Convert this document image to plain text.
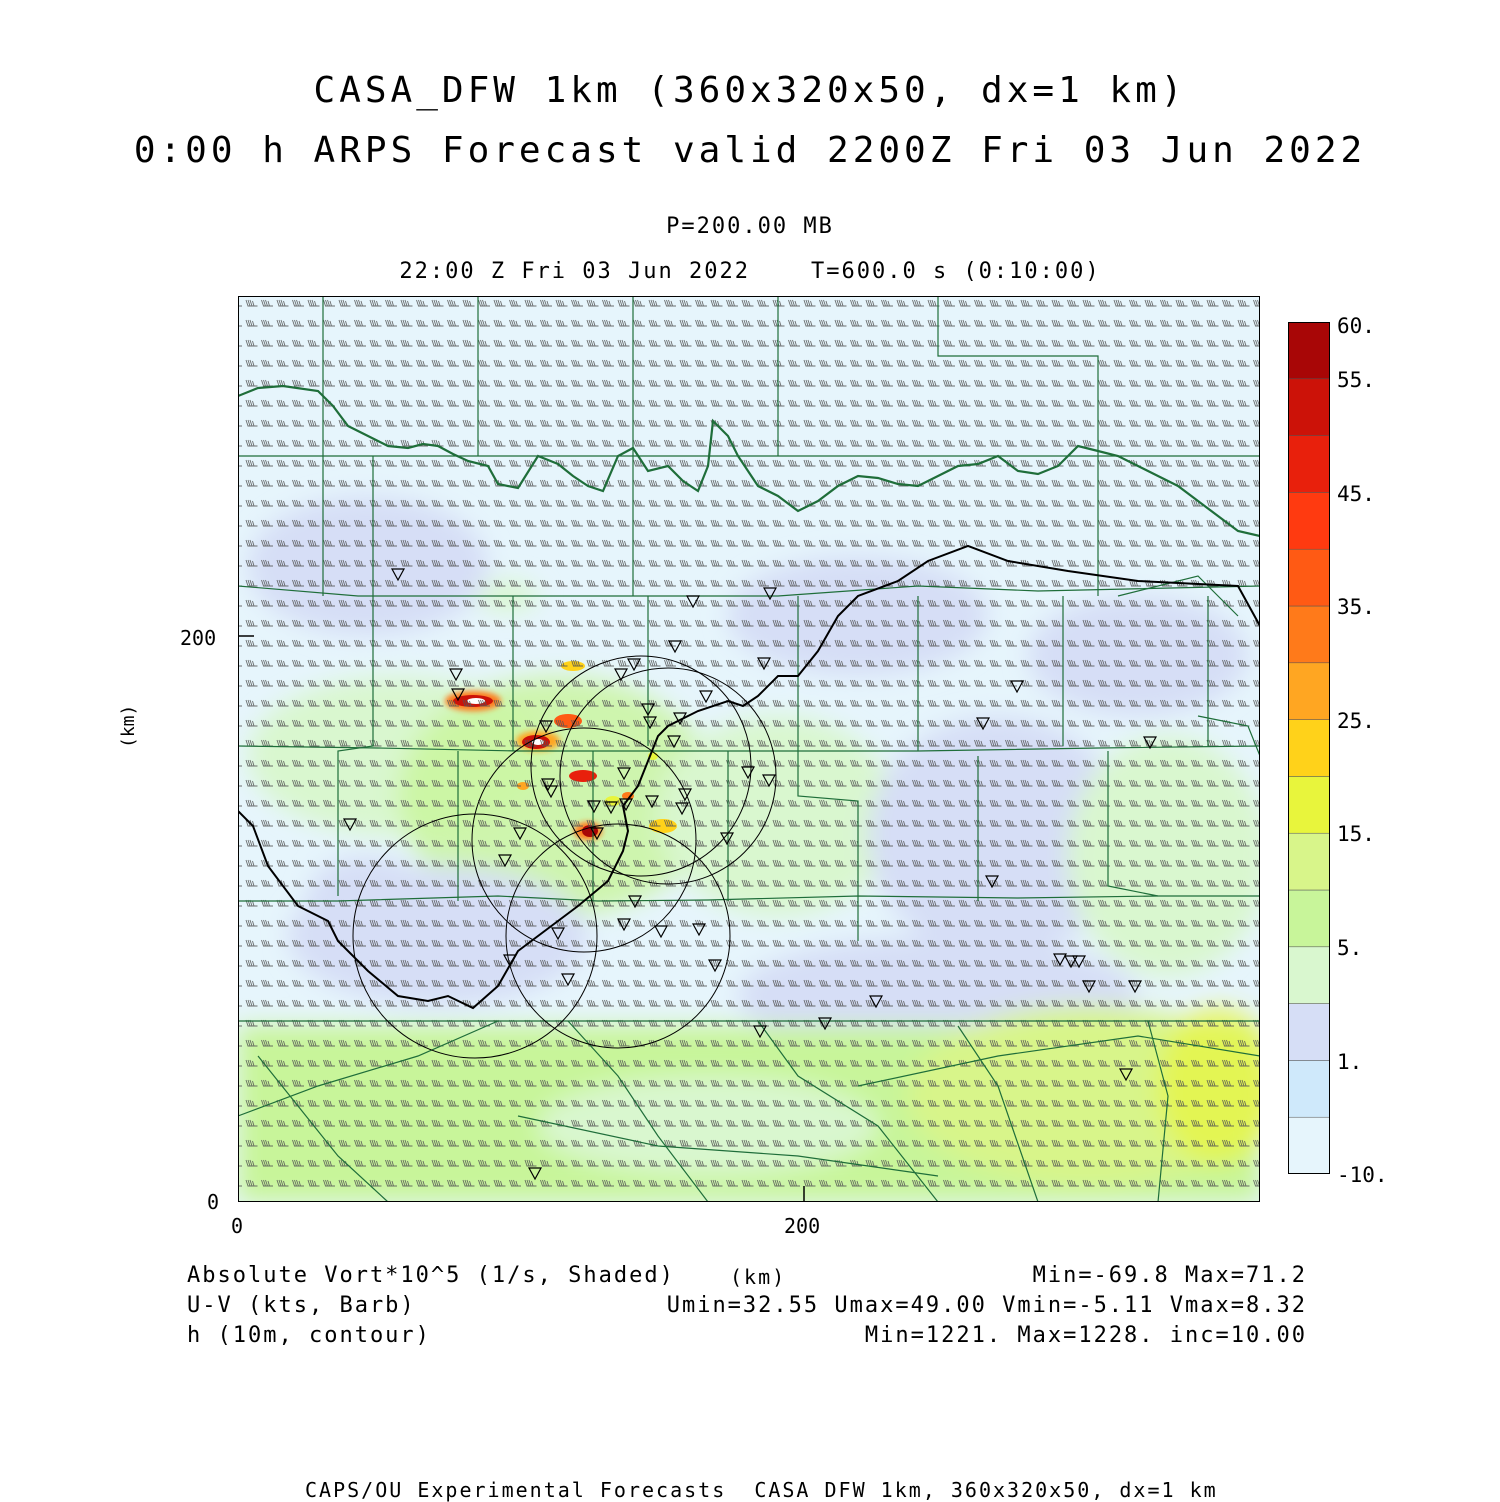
CASA_DFW 1km (360x320x50, dx=1 km)
0:00 h ARPS Forecast valid 2200Z Fri 03 Jun 2022
P=200.00 MB
22:00 Z Fri 03 Jun 2022    T=600.0 s (0:10:00)
(km)
0
200
0	200
60.
55.
45.
35.
25.
15.
5.
1.
-10.
Absolute Vort*10^5 (1/s, Shaded)	(km)	Min=-69.8 Max=71.2
U-V (kts, Barb)	Umin=32.55 Umax=49.00 Vmin=-5.11 Vmax=8.32
h (10m, contour)	Min=1221. Max=1228. inc=10.00
CAPS/OU Experimental Forecasts  CASA DFW 1km, 360x320x50, dx=1 km
